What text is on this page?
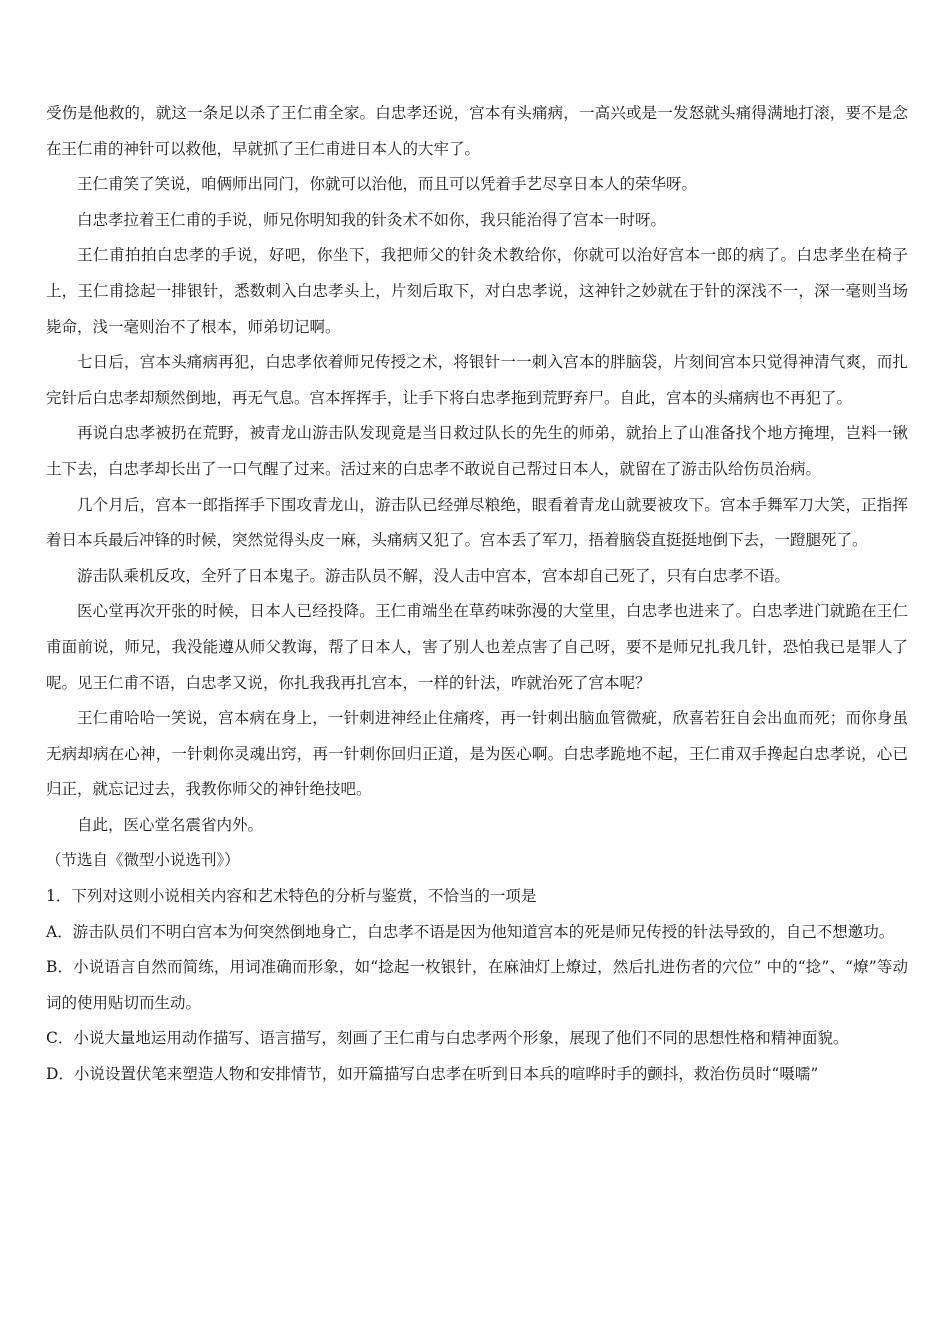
受伤是他救的，就这一条足以杀了王仁甫全家。白忠孝还说，宫本有头痛病，一高兴或是一发怒就头痛得满地打滚，要不是念在王仁甫的神针可以救他，早就抓了王仁甫进日本人的大牢了。

王仁甫笑了笑说，咱俩师出同门，你就可以治他，而且可以凭着手艺尽享日本人的荣华呀。

白忠孝拉着王仁甫的手说，师兄你明知我的针灸术不如你，我只能治得了宫本一时呀。

王仁甫拍拍白忠孝的手说，好吧，你坐下，我把师父的针灸术教给你，你就可以治好宫本一郎的病了。白忠孝坐在椅子上，王仁甫捻起一排银针，悉数刺入白忠孝头上，片刻后取下，对白忠孝说，这神针之妙就在于针的深浅不一，深一毫则当场毙命，浅一毫则治不了根本，师弟切记啊。

七日后，宫本头痛病再犯，白忠孝依着师兄传授之术，将银针一一刺入宫本的胖脑袋，片刻间宫本只觉得神清气爽，而扎完针后白忠孝却颓然倒地，再无气息。宫本挥挥手，让手下将白忠孝拖到荒野弃尸。自此，宫本的头痛病也不再犯了。

再说白忠孝被扔在荒野，被青龙山游击队发现竟是当日救过队长的先生的师弟，就抬上了山准备找个地方掩埋，岂料一锹土下去，白忠孝却长出了一口气醒了过来。活过来的白忠孝不敢说自己帮过日本人，就留在了游击队给伤员治病。

几个月后，宫本一郎指挥手下围攻青龙山，游击队已经弹尽粮绝，眼看着青龙山就要被攻下。宫本手舞军刀大笑，正指挥着日本兵最后冲锋的时候，突然觉得头皮一麻，头痛病又犯了。宫本丢了军刀，捂着脑袋直挺挺地倒下去，一蹬腿死了。

游击队乘机反攻，全歼了日本鬼子。游击队员不解，没人击中宫本，宫本却自己死了，只有白忠孝不语。

医心堂再次开张的时候，日本人已经投降。王仁甫端坐在草药味弥漫的大堂里，白忠孝也进来了。白忠孝进门就跪在王仁甫面前说，师兄，我没能遵从师父教诲，帮了日本人，害了别人也差点害了自己呀，要不是师兄扎我几针，恐怕我已是罪人了呢。见王仁甫不语，白忠孝又说，你扎我我再扎宫本，一样的针法，咋就治死了宫本呢？

王仁甫哈哈一笑说，宫本病在身上，一针刺进神经止住痛疼，再一针刺出脑血管微疵，欣喜若狂自会出血而死；而你身虽无病却病在心神，一针刺你灵魂出窍，再一针刺你回归正道，是为医心啊。白忠孝跪地不起，王仁甫双手搀起白忠孝说，心已归正，就忘记过去，我教你师父的神针绝技吧。

自此，医心堂名震省内外。

（节选自《微型小说选刊》）

1．下列对这则小说相关内容和艺术特色的分析与鉴赏，不恰当的一项是

A．游击队员们不明白宫本为何突然倒地身亡，白忠孝不语是因为他知道宫本的死是师兄传授的针法导致的，自己不想邀功。

B．小说语言自然而简练，用词准确而形象，如“捻起一枚银针，在麻油灯上燎过，然后扎进伤者的穴位” 中的“捻”、“燎”等动词的使用贴切而生动。

C．小说大量地运用动作描写、语言描写，刻画了王仁甫与白忠孝两个形象，展现了他们不同的思想性格和精神面貌。

D．小说设置伏笔来塑造人物和安排情节，如开篇描写白忠孝在听到日本兵的喧哗时手的颤抖，救治伤员时“嗫嚅”
